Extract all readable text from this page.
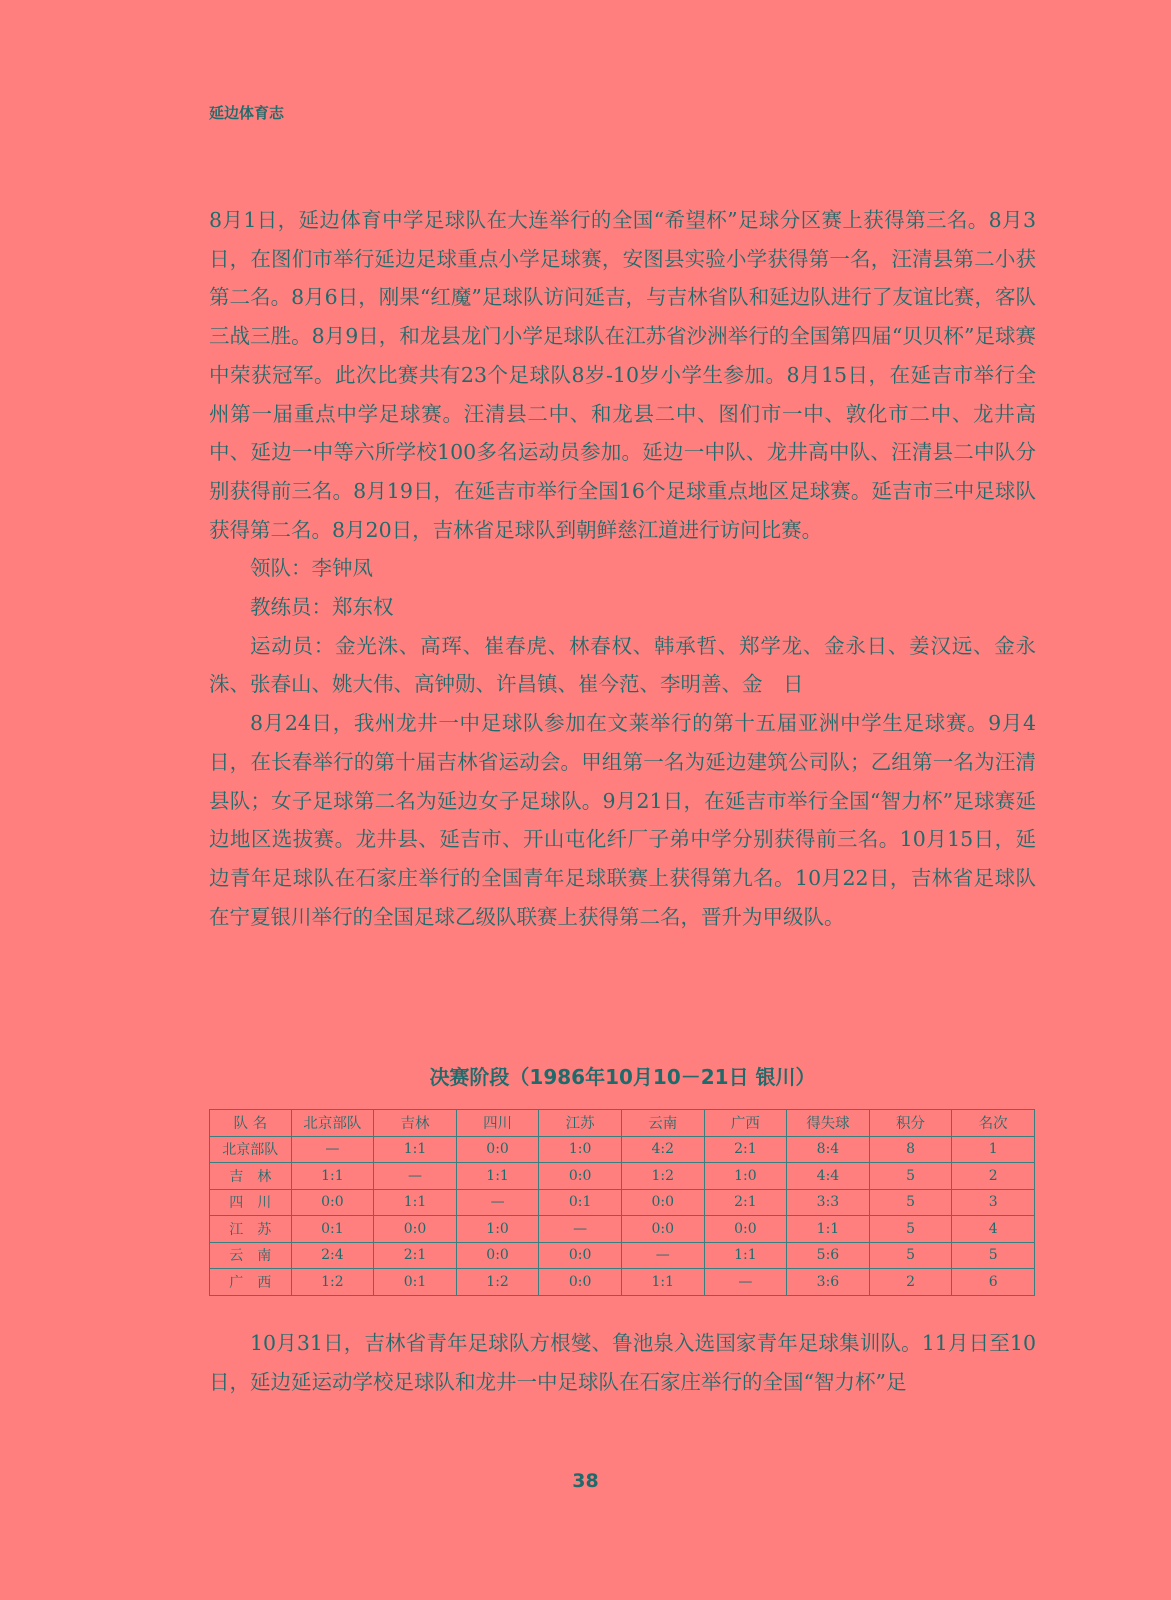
延边体育志

8月1日，延边体育中学足球队在大连举行的全国“希望杯”足球分区赛上获得第三名。8月3日，在图们市举行延边足球重点小学足球赛，安图县实验小学获得第一名，汪清县第二小获第二名。8月6日，刚果“红魔”足球队访问延吉，与吉林省队和延边队进行了友谊比赛，客队三战三胜。8月9日，和龙县龙门小学足球队在江苏省沙洲举行的全国第四届“贝贝杯”足球赛中荣获冠军。此次比赛共有23个足球队8岁-10岁小学生参加。8月15日，在延吉市举行全州第一届重点中学足球赛。汪清县二中、和龙县二中、图们市一中、敦化市二中、龙井高中、延边一中等六所学校100多名运动员参加。延边一中队、龙井高中队、汪清县二中队分别获得前三名。8月19日，在延吉市举行全国16个足球重点地区足球赛。延吉市三中足球队获得第二名。8月20日，吉林省足球队到朝鲜慈江道进行访问比赛。

领队：李钟凤

教练员：郑东权

运动员：金光洙、高珲、崔春虎、林春权、韩承哲、郑学龙、金永日、姜汉远、金永洙、张春山、姚大伟、高钟勋、许昌镇、崔今范、李明善、金　日

8月24日，我州龙井一中足球队参加在文莱举行的第十五届亚洲中学生足球赛。9月4日，在长春举行的第十届吉林省运动会。甲组第一名为延边建筑公司队；乙组第一名为汪清县队；女子足球第二名为延边女子足球队。9月21日，在延吉市举行全国“智力杯”足球赛延边地区选拔赛。龙井县、延吉市、开山屯化纤厂子弟中学分别获得前三名。10月15日，延边青年足球队在石家庄举行的全国青年足球联赛上获得第九名。10月22日，吉林省足球队在宁夏银川举行的全国足球乙级队联赛上获得第二名，晋升为甲级队。

决赛阶段（1986年10月10－21日 银川）
队 名	北京部队	吉林	四川	江苏	云南	广西	得失球	积分	名次
北京部队	—	1:1	0:0	1:0	4:2	2:1	8:4	8	1
吉　林	1:1	—	1:1	0:0	1:2	1:0	4:4	5	2
四　川	0:0	1:1	—	0:1	0:0	2:1	3:3	5	3
江　苏	0:1	0:0	1:0	—	0:0	0:0	1:1	5	4
云　南	2:4	2:1	0:0	0:0	—	1:1	5:6	5	5
广　西	1:2	0:1	1:2	0:0	1:1	—	3:6	2	6

10月31日，吉林省青年足球队方根燮、鲁池泉入选国家青年足球集训队。11月日至10日，延边延运动学校足球队和龙井一中足球队在石家庄举行的全国“智力杯”足

38
